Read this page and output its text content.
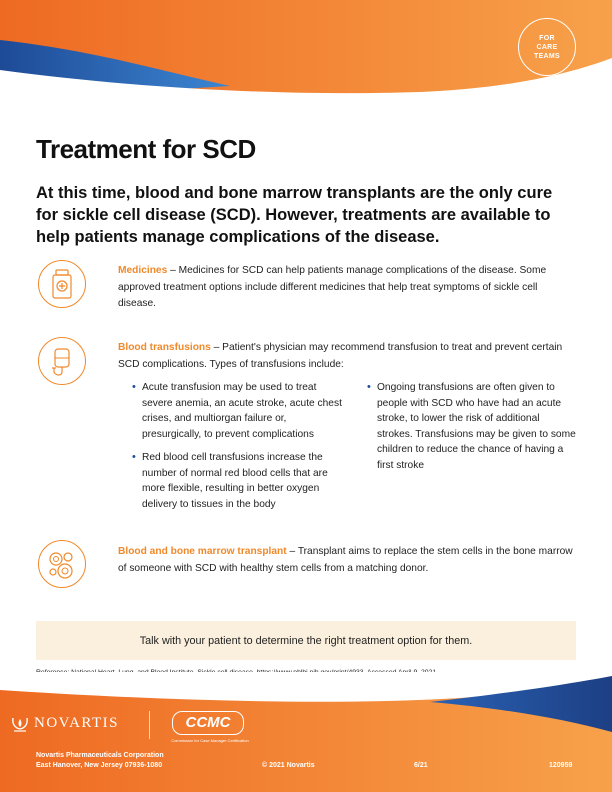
FOR
CARE
TEAMS
Treatment for SCD
At this time, blood and bone marrow transplants are the only cure for sickle cell disease (SCD). However, treatments are available to help patients manage complications of the disease.
Medicines – Medicines for SCD can help patients manage complications of the disease. Some approved treatment options include different medicines that help treat symptoms of sickle cell disease.
Blood transfusions – Patient's physician may recommend transfusion to treat and prevent certain SCD complications. Types of transfusions include:
• Acute transfusion may be used to treat severe anemia, an acute stroke, acute chest crises, and multiorgan failure or, presurgically, to prevent complications
• Red blood cell transfusions increase the number of normal red blood cells that are more flexible, resulting in better oxygen delivery to tissues in the body
• Ongoing transfusions are often given to people with SCD who have had an acute stroke, to lower the risk of additional strokes. Transfusions may be given to some children to reduce the chance of having a first stroke
Blood and bone marrow transplant – Transplant aims to replace the stem cells in the bone marrow of someone with SCD with healthy stem cells from a matching donor.
Talk with your patient to determine the right treatment option for them.
NOVARTIS	CCMC
Commission for Case Manager Certification
Novartis Pharmaceuticals Corporation
East Hanover, New Jersey 07936-1080	© 2021 Novartis	6/21	120959
